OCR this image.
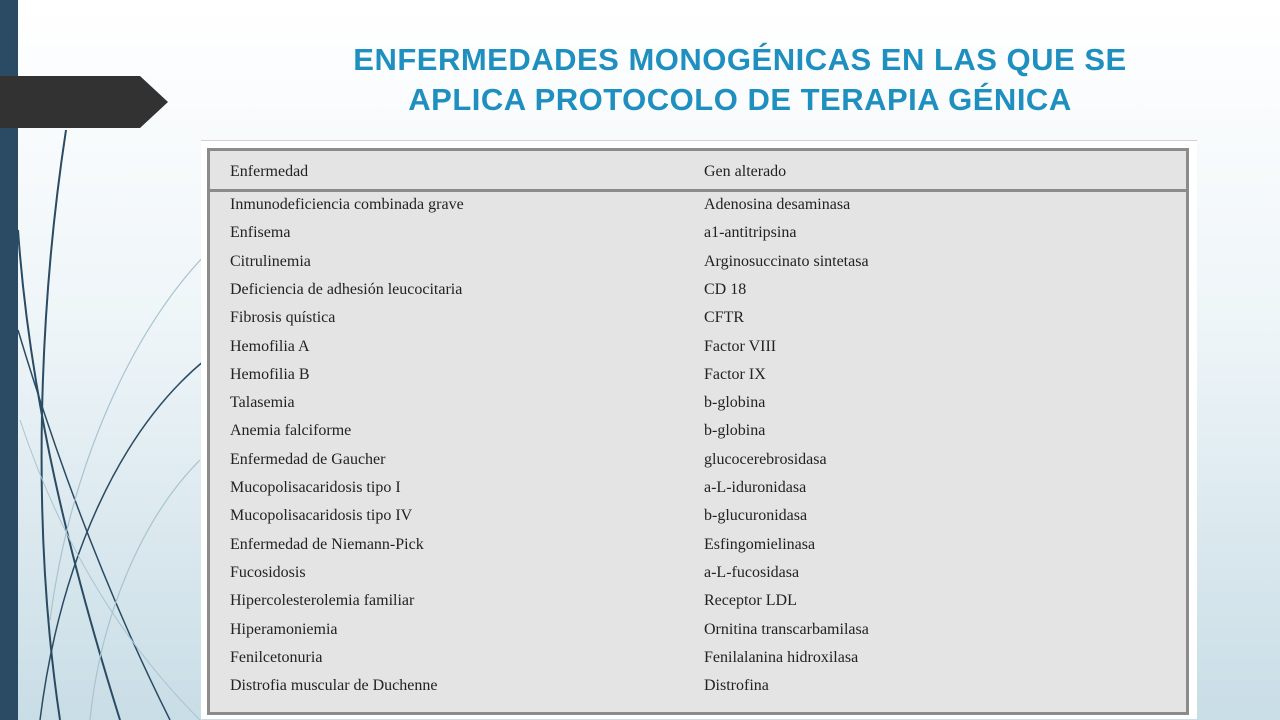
ENFERMEDADES MONOGÉNICAS EN LAS QUE SE
APLICA PROTOCOLO DE TERAPIA GÉNICA
Enfermedad	Gen alterado
Inmunodeficiencia combinada grave	Adenosina desaminasa
Enfisema	a1-antitripsina
Citrulinemia	Arginosuccinato sintetasa
Deficiencia de adhesión leucocitaria	CD 18
Fibrosis quística	CFTR
Hemofilia A	Factor VIII
Hemofilia B	Factor IX
Talasemia	b-globina
Anemia falciforme	b-globina
Enfermedad de Gaucher	glucocerebrosidasa
Mucopolisacaridosis tipo I	a-L-iduronidasa
Mucopolisacaridosis tipo IV	b-glucuronidasa
Enfermedad de Niemann-Pick	Esfingomielinasa
Fucosidosis	a-L-fucosidasa
Hipercolesterolemia familiar	Receptor LDL
Hiperamoniemia	Ornitina transcarbamilasa
Fenilcetonuria	Fenilalanina hidroxilasa
Distrofia muscular de Duchenne	Distrofina
